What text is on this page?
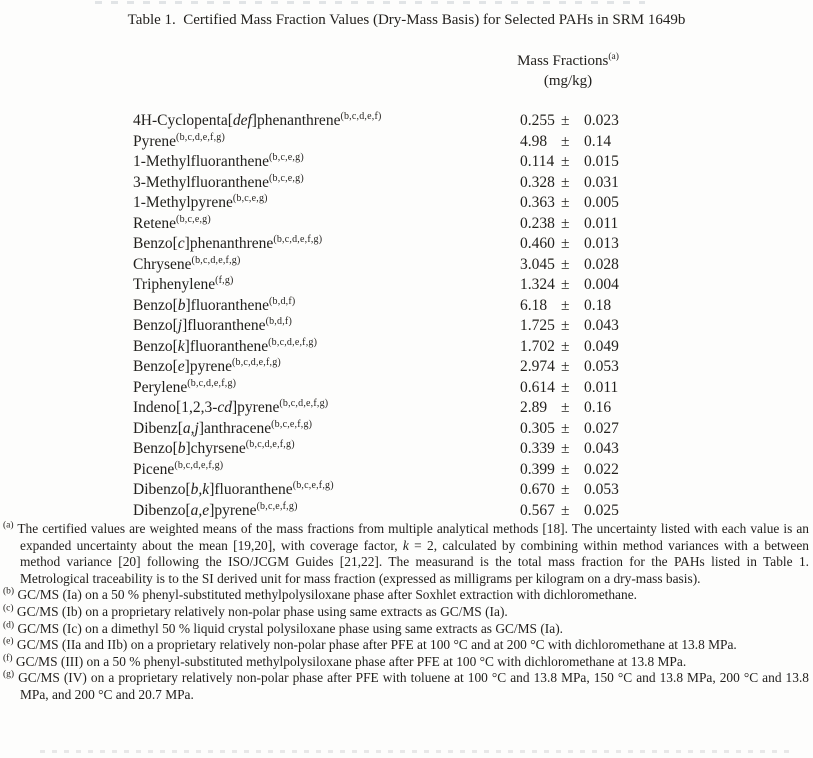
Table 1.  Certified Mass Fraction Values (Dry-Mass Basis) for Selected PAHs in SRM 1649b
Mass Fractions$^{(a)}$
(mg/kg)
4H-Cyclopenta[def]phenanthrene$^{(b,c,d,e,f)}$	0.255 ± 0.023
Pyrene$^{(b,c,d,e,f,g)}$	4.98 ± 0.14
1-Methylfluoranthene$^{(b,c,e,g)}$	0.114 ± 0.015
3-Methylfluoranthene$^{(b,c,e,g)}$	0.328 ± 0.031
1-Methylpyrene$^{(b,c,e,g)}$	0.363 ± 0.005
Retene$^{(b,c,e,g)}$	0.238 ± 0.011
Benzo[c]phenanthrene$^{(b,c,d,e,f,g)}$	0.460 ± 0.013
Chrysene$^{(b,c,d,e,f,g)}$	3.045 ± 0.028
Triphenylene$^{(f,g)}$	1.324 ± 0.004
Benzo[b]fluoranthene$^{(b,d,f)}$	6.18 ± 0.18
Benzo[j]fluoranthene$^{(b,d,f)}$	1.725 ± 0.043
Benzo[k]fluoranthene$^{(b,c,d,e,f,g)}$	1.702 ± 0.049
Benzo[e]pyrene$^{(b,c,d,e,f,g)}$	2.974 ± 0.053
Perylene$^{(b,c,d,e,f,g)}$	0.614 ± 0.011
Indeno[1,2,3-cd]pyrene$^{(b,c,d,e,f,g)}$	2.89 ± 0.16
Dibenz[a,j]anthracene$^{(b,c,e,f,g)}$	0.305 ± 0.027
Benzo[b]chyrsene$^{(b,c,d,e,f,g)}$	0.339 ± 0.043
Picene$^{(b,c,d,e,f,g)}$	0.399 ± 0.022
Dibenzo[b,k]fluoranthene$^{(b,c,e,f,g)}$	0.670 ± 0.053
Dibenzo[a,e]pyrene$^{(b,c,e,f,g)}$	0.567 ± 0.025
$^{(a)}$ The certified values are weighted means of the mass fractions from multiple analytical methods [18]. The uncertainty listed with each value is an expanded uncertainty about the mean [19,20], with coverage factor, k = 2, calculated by combining within method variances with a between method variance [20] following the ISO/JCGM Guides [21,22]. The measurand is the total mass fraction for the PAHs listed in Table 1. Metrological traceability is to the SI derived unit for mass fraction (expressed as milligrams per kilogram on a dry-mass basis).
$^{(b)}$ GC/MS (Ia) on a 50 % phenyl-substituted methylpolysiloxane phase after Soxhlet extraction with dichloromethane.
$^{(c)}$ GC/MS (Ib) on a proprietary relatively non-polar phase using same extracts as GC/MS (Ia).
$^{(d)}$ GC/MS (Ic) on a dimethyl 50 % liquid crystal polysiloxane phase using same extracts as GC/MS (Ia).
$^{(e)}$ GC/MS (IIa and IIb) on a proprietary relatively non-polar phase after PFE at 100 °C and at 200 °C with dichloromethane at 13.8 MPa.
$^{(f)}$ GC/MS (III) on a 50 % phenyl-substituted methylpolysiloxane phase after PFE at 100 °C with dichloromethane at 13.8 MPa.
$^{(g)}$ GC/MS (IV) on a proprietary relatively non-polar phase after PFE with toluene at 100 °C and 13.8 MPa, 150 °C and 13.8 MPa, 200 °C and 13.8 MPa, and 200 °C and 20.7 MPa.
